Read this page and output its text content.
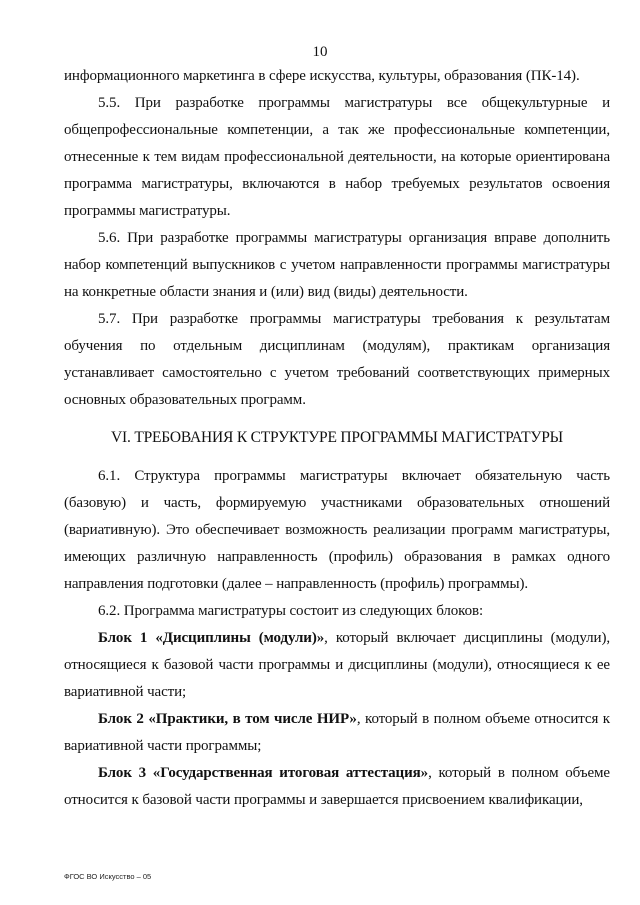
10

информационного маркетинга в сфере искусства, культуры, образования (ПК-14).

5.5. При разработке программы магистратуры все общекультурные и общепрофессиональные компетенции, а так же профессиональные компетенции, отнесенные к тем видам профессиональной деятельности, на которые ориентирована программа магистратуры, включаются в набор требуемых результатов освоения программы магистратуры.

5.6. При разработке программы магистратуры организация вправе дополнить набор компетенций выпускников с учетом направленности программы магистратуры на конкретные области знания и (или) вид (виды) деятельности.

5.7. При разработке программы магистратуры требования к результатам обучения по отдельным дисциплинам (модулям), практикам организация устанавливает самостоятельно с учетом требований соответствующих примерных основных образовательных программ.

VI. ТРЕБОВАНИЯ К СТРУКТУРЕ ПРОГРАММЫ МАГИСТРАТУРЫ

6.1. Структура программы магистратуры включает обязательную часть (базовую) и часть, формируемую участниками образовательных отношений (вариативную). Это обеспечивает возможность реализации программ магистратуры, имеющих различную направленность (профиль) образования в рамках одного направления подготовки (далее – направленность (профиль) программы).

6.2. Программа магистратуры состоит из следующих блоков:

Блок 1 «Дисциплины (модули)», который включает дисциплины (модули), относящиеся к базовой части программы и дисциплины (модули), относящиеся к ее вариативной части;

Блок 2 «Практики, в том числе НИР», который в полном объеме относится к вариативной части программы;

Блок 3 «Государственная итоговая аттестация», который в полном объеме относится к базовой части программы и завершается присвоением квалификации,

ФГОС ВО Искусство – 05
